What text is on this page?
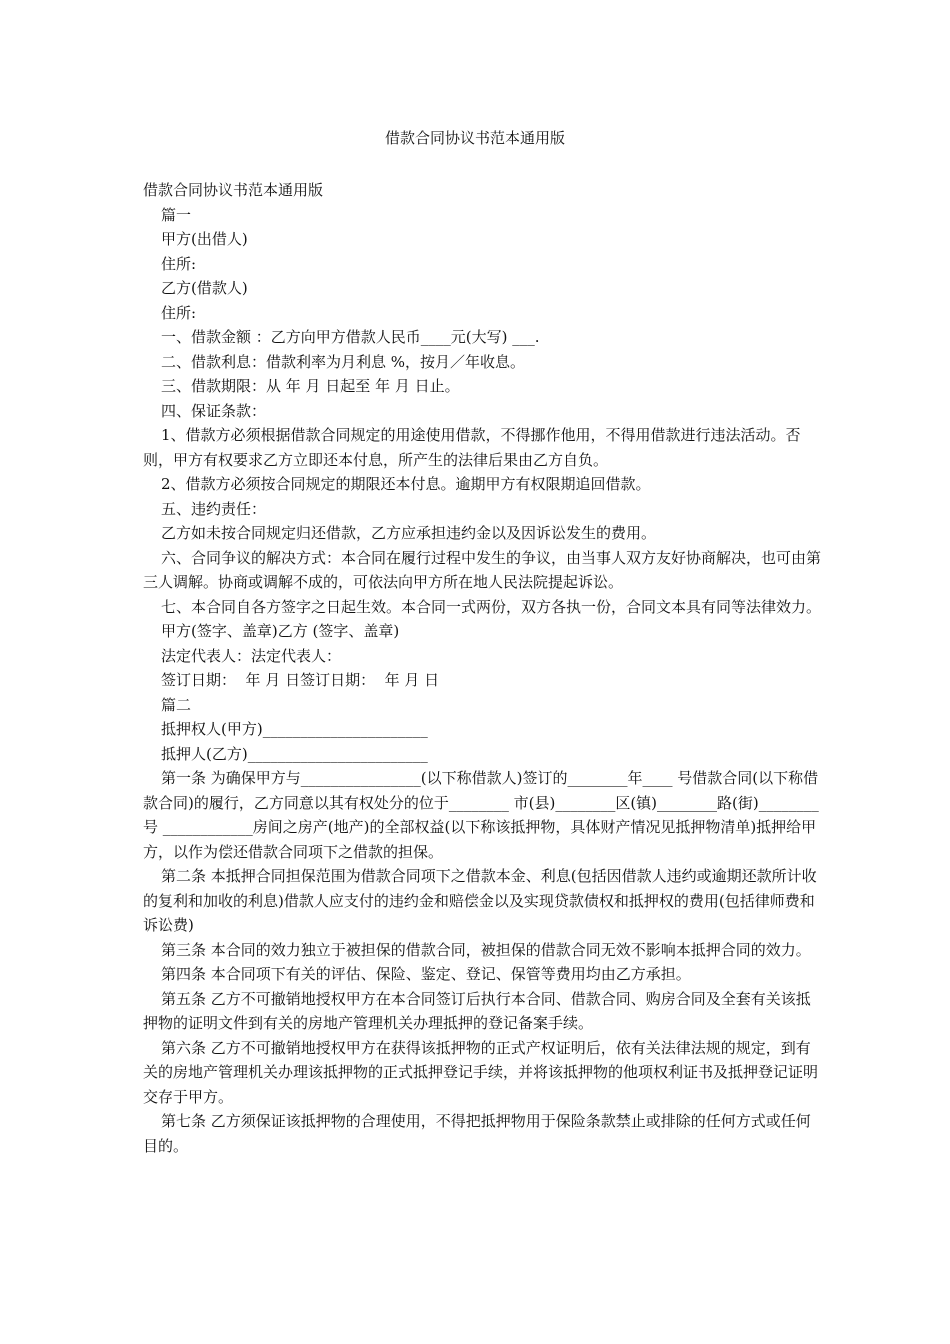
借款合同协议书范本通用版

借款合同协议书范本通用版

篇一

甲方(出借人)

住所:

乙方(借款人)

住所:

一、借款金额 ：乙方向甲方借款人民币____元(大写) ___.

二、借款利息：借款利率为月利息 %，按月／年收息。

三、借款期限：从 年 月 日起至 年 月 日止。

四、保证条款：

1、借款方必须根据借款合同规定的用途使用借款，不得挪作他用，不得用借款进行违法活动。否则，甲方有权要求乙方立即还本付息，所产生的法律后果由乙方自负。

2、借款方必须按合同规定的期限还本付息。逾期甲方有权限期追回借款。

五、违约责任：

乙方如未按合同规定归还借款，乙方应承担违约金以及因诉讼发生的费用。

六、合同争议的解决方式：本合同在履行过程中发生的争议，由当事人双方友好协商解决，也可由第三人调解。协商或调解不成的，可依法向甲方所在地人民法院提起诉讼。

七、本合同自各方签字之日起生效。本合同一式两份，双方各执一份，合同文本具有同等法律效力。

甲方(签字、盖章)乙方 (签字、盖章)

法定代表人：法定代表人：

签订日期：  年 月 日签订日期：  年 月 日

篇二

抵押权人(甲方)______________________

抵押人(乙方)________________________

第一条 为确保甲方与________________(以下称借款人)签订的________年____ 号借款合同(以下称借款合同)的履行，乙方同意以其有权处分的位于________ 市(县)________区(镇)________路(街)________号 ____________房间之房产(地产)的全部权益(以下称该抵押物，具体财产情况见抵押物清单)抵押给甲方，以作为偿还借款合同项下之借款的担保。

第二条 本抵押合同担保范围为借款合同项下之借款本金、利息(包括因借款人违约或逾期还款所计收的复利和加收的利息)借款人应支付的违约金和赔偿金以及实现贷款债权和抵押权的费用(包括律师费和诉讼费)

第三条 本合同的效力独立于被担保的借款合同，被担保的借款合同无效不影响本抵押合同的效力。

第四条 本合同项下有关的评估、保险、鉴定、登记、保管等费用均由乙方承担。

第五条 乙方不可撤销地授权甲方在本合同签订后执行本合同、借款合同、购房合同及全套有关该抵押物的证明文件到有关的房地产管理机关办理抵押的登记备案手续。

第六条 乙方不可撤销地授权甲方在获得该抵押物的正式产权证明后，依有关法律法规的规定，到有关的房地产管理机关办理该抵押物的正式抵押登记手续，并将该抵押物的他项权利证书及抵押登记证明交存于甲方。

第七条 乙方须保证该抵押物的合理使用，不得把抵押物用于保险条款禁止或排除的任何方式或任何目的。
